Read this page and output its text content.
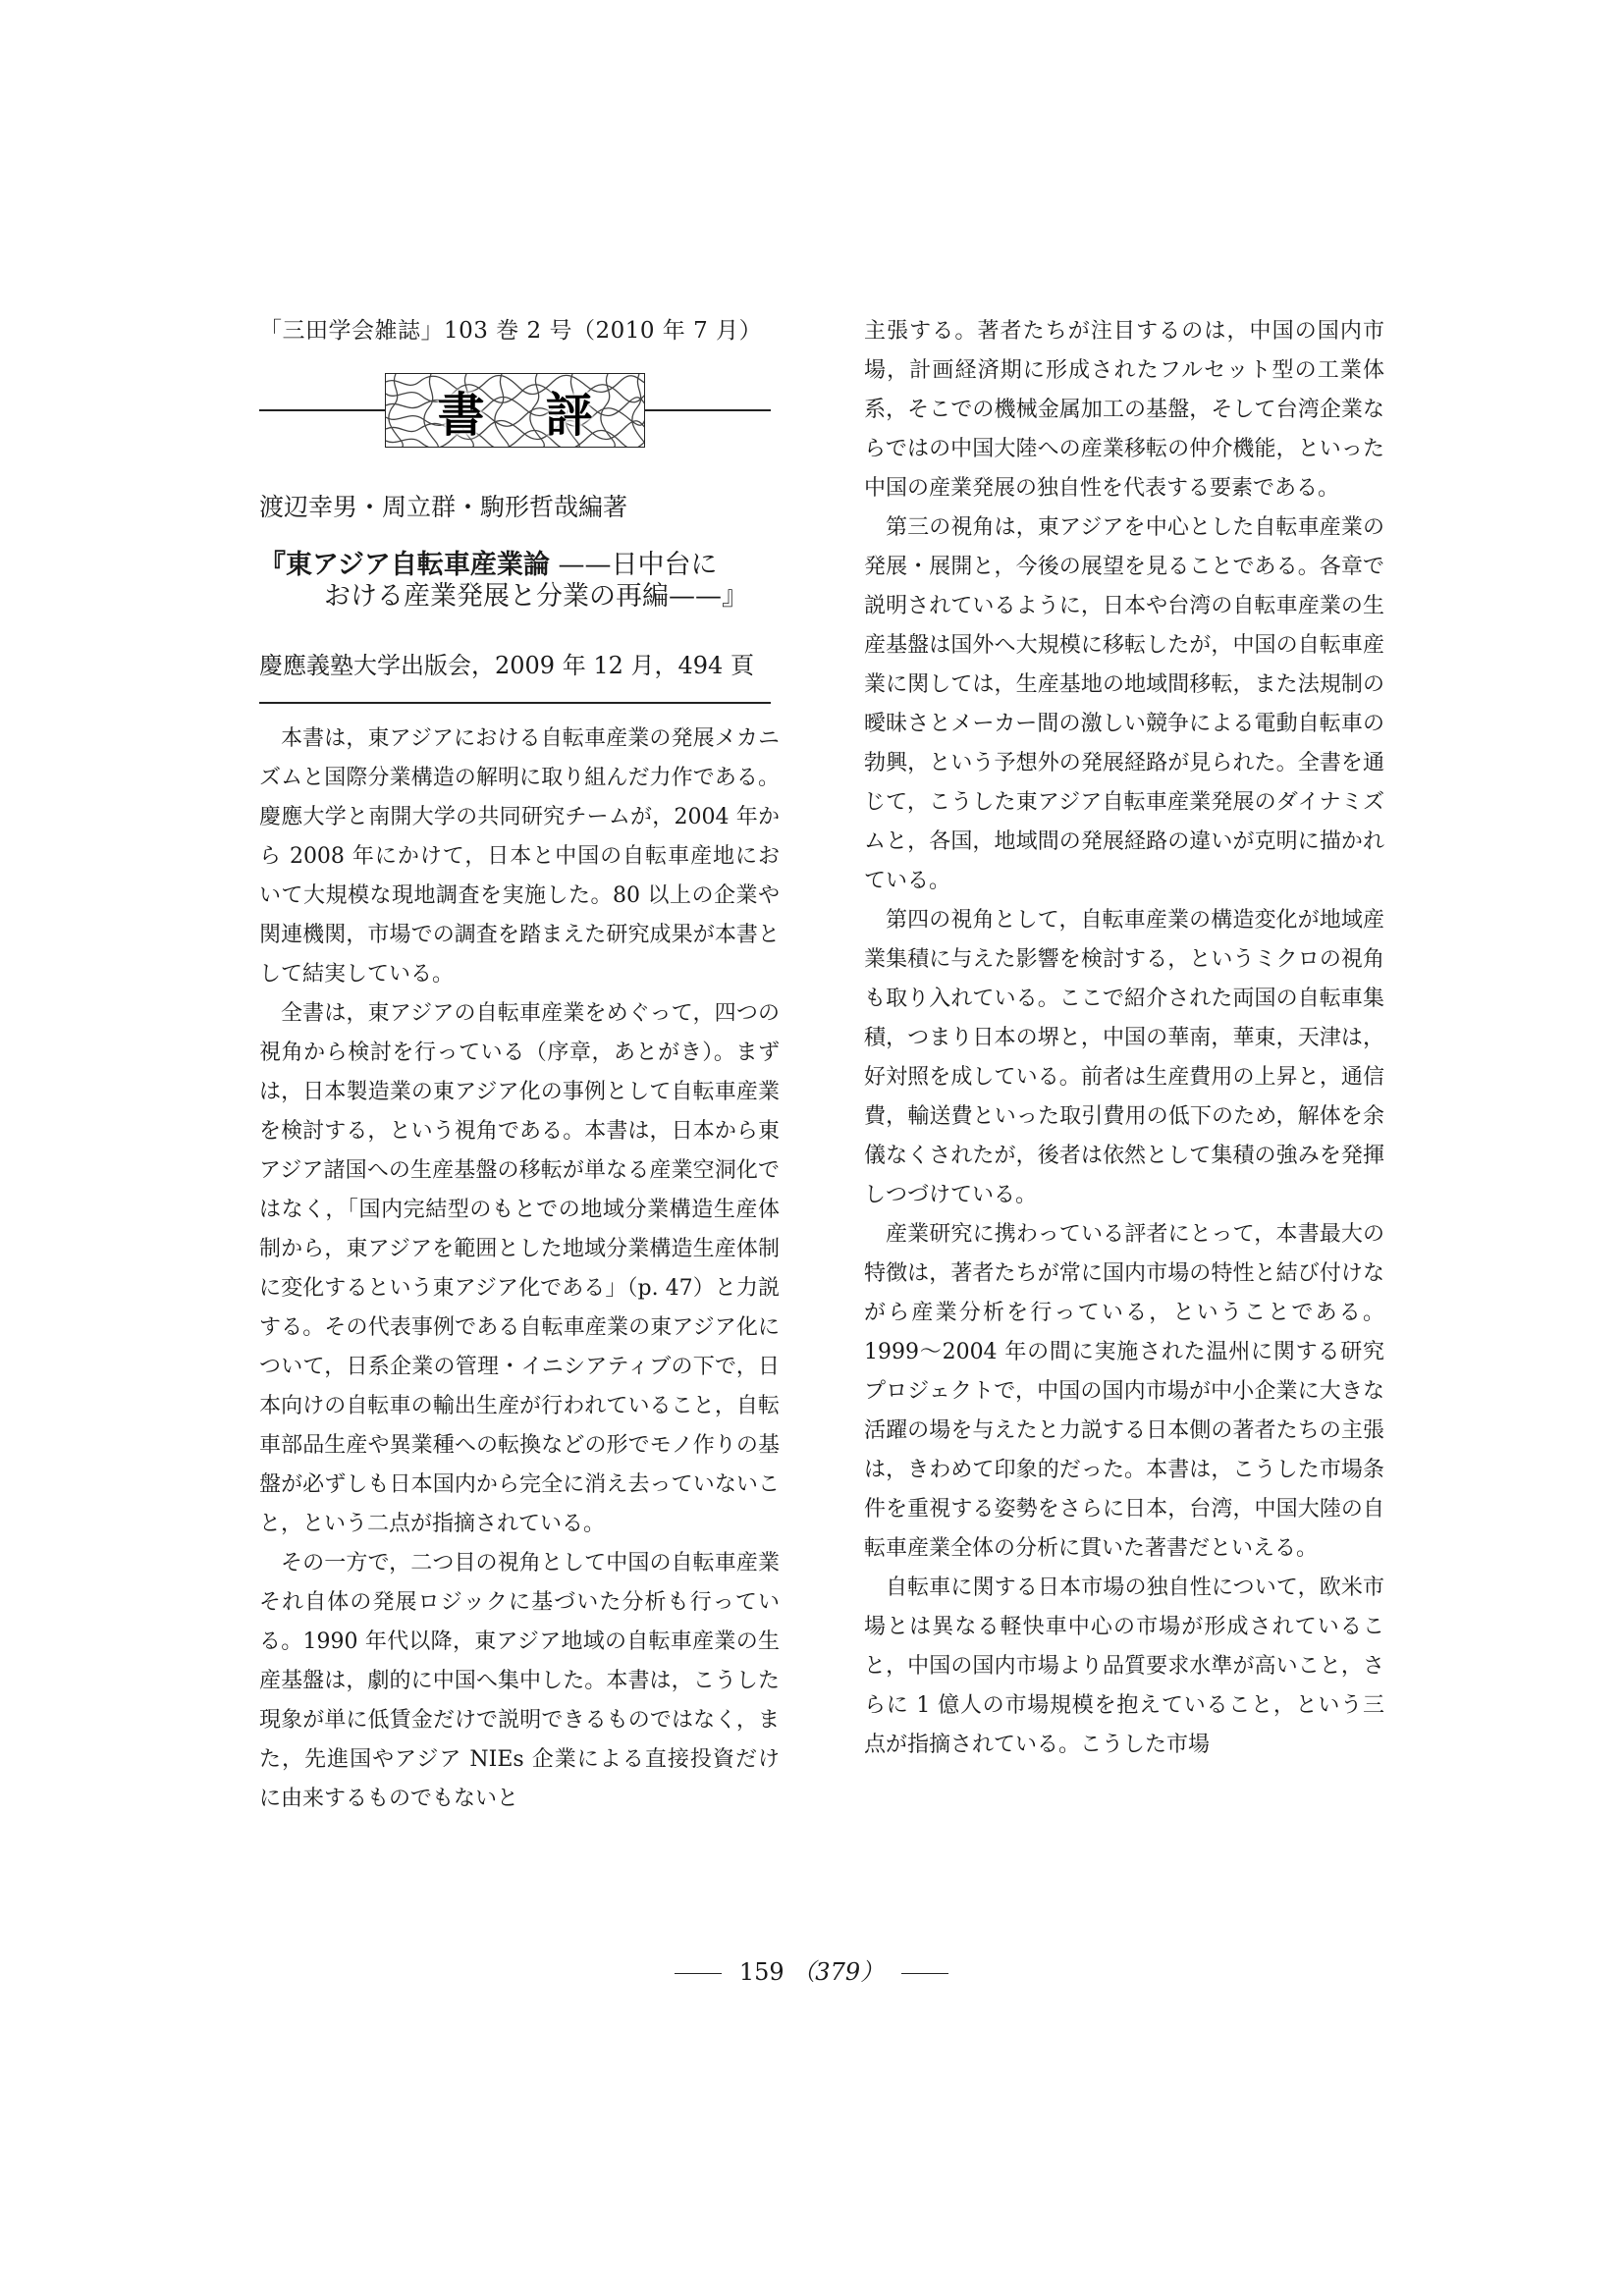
「三田学会雑誌」103 巻 2 号（2010 年 7 月）
書 評
渡辺幸男・周立群・駒形哲哉編著
『東アジア自転車産業論 ——日中台に
おける産業発展と分業の再編——』
慶應義塾大学出版会，2009 年 12 月，494 頁

本書は，東アジアにおける自転車産業の発展メカニズムと国際分業構造の解明に取り組んだ力作である。慶應大学と南開大学の共同研究チームが，2004 年から 2008 年にかけて，日本と中国の自転車産地において大規模な現地調査を実施した。80 以上の企業や関連機関，市場での調査を踏まえた研究成果が本書として結実している。

全書は，東アジアの自転車産業をめぐって，四つの視角から検討を行っている（序章，あとがき）。まずは，日本製造業の東アジア化の事例として自転車産業を検討する，という視角である。本書は，日本から東アジア諸国への生産基盤の移転が単なる産業空洞化ではなく，「国内完結型のもとでの地域分業構造生産体制から，東アジアを範囲とした地域分業構造生産体制に変化するという東アジア化である」（p. 47）と力説する。その代表事例である自転車産業の東アジア化について，日系企業の管理・イニシアティブの下で，日本向けの自転車の輸出生産が行われていること，自転車部品生産や異業種への転換などの形でモノ作りの基盤が必ずしも日本国内から完全に消え去っていないこと，という二点が指摘されている。

その一方で，二つ目の視角として中国の自転車産業それ自体の発展ロジックに基づいた分析も行っている。1990 年代以降，東アジア地域の自転車産業の生産基盤は，劇的に中国へ集中した。本書は，こうした現象が単に低賃金だけで説明できるものではなく，また，先進国やアジア NIEs 企業による直接投資だけに由来するものでもないと

主張する。著者たちが注目するのは，中国の国内市場，計画経済期に形成されたフルセット型の工業体系，そこでの機械金属加工の基盤，そして台湾企業ならではの中国大陸への産業移転の仲介機能，といった中国の産業発展の独自性を代表する要素である。

第三の視角は，東アジアを中心とした自転車産業の発展・展開と，今後の展望を見ることである。各章で説明されているように，日本や台湾の自転車産業の生産基盤は国外へ大規模に移転したが，中国の自転車産業に関しては，生産基地の地域間移転，また法規制の曖昧さとメーカー間の激しい競争による電動自転車の勃興，という予想外の発展経路が見られた。全書を通じて，こうした東アジア自転車産業発展のダイナミズムと，各国，地域間の発展経路の違いが克明に描かれている。

第四の視角として，自転車産業の構造変化が地域産業集積に与えた影響を検討する，というミクロの視角も取り入れている。ここで紹介された両国の自転車集積，つまり日本の堺と，中国の華南，華東，天津は，好対照を成している。前者は生産費用の上昇と，通信費，輸送費といった取引費用の低下のため，解体を余儀なくされたが，後者は依然として集積の強みを発揮しつづけている。

産業研究に携わっている評者にとって，本書最大の特徴は，著者たちが常に国内市場の特性と結び付けながら産業分析を行っている，ということである。1999〜2004 年の間に実施された温州に関する研究プロジェクトで，中国の国内市場が中小企業に大きな活躍の場を与えたと力説する日本側の著者たちの主張は，きわめて印象的だった。本書は，こうした市場条件を重視する姿勢をさらに日本，台湾，中国大陸の自転車産業全体の分析に貫いた著書だといえる。

自転車に関する日本市場の独自性について，欧米市場とは異なる軽快車中心の市場が形成されていること，中国の国内市場より品質要求水準が高いこと，さらに 1 億人の市場規模を抱えていること，という三点が指摘されている。こうした市場

159 （379）
